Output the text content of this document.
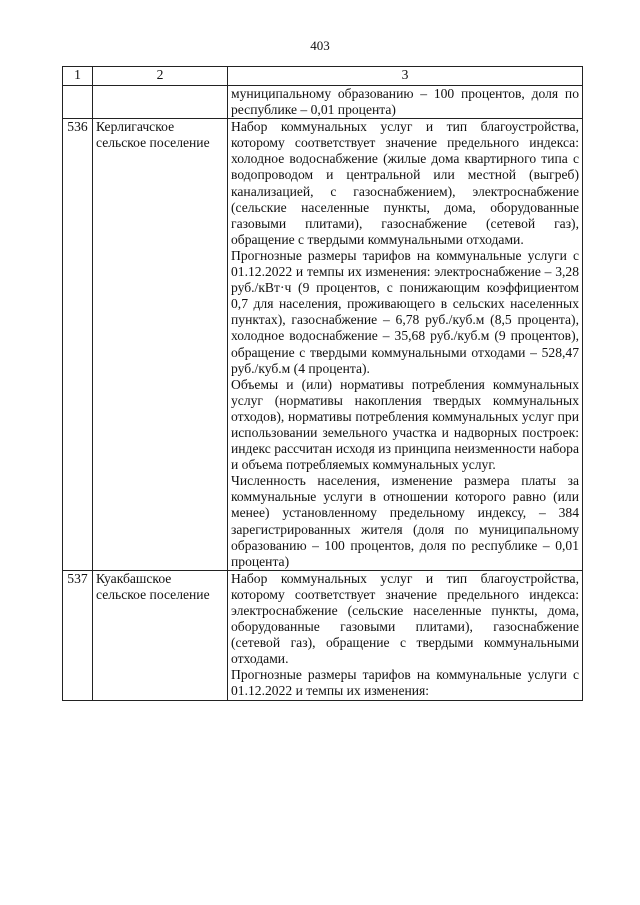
403
1	2	3
		муниципальному образованию – 100 процентов, доля по республике – 0,01 процента)
536	Керлигачское сельское поселение	Набор коммунальных услуг и тип благоустройства, которому соответствует значение предельного индекса: холодное водоснабжение (жилые дома квартирного типа с водопроводом и центральной или местной (выгреб) канализацией, с газоснабжением), электроснабжение (сельские населенные пункты, дома, оборудованные газовыми плитами), газоснабжение (сетевой газ), обращение с твердыми коммунальными отходами.
Прогнозные размеры тарифов на коммунальные услуги с 01.12.2022 и темпы их изменения: электроснабжение – 3,28 руб./кВт·ч (9 процентов, с понижающим коэффициентом 0,7 для населения, проживающего в сельских населенных пунктах), газоснабжение – 6,78 руб./куб.м (8,5 процента), холодное водоснабжение – 35,68 руб./куб.м (9 процентов), обращение с твердыми коммунальными отходами – 528,47 руб./куб.м (4 процента).
Объемы и (или) нормативы потребления коммунальных услуг (нормативы накопления твердых коммунальных отходов), нормативы потребления коммунальных услуг при использовании земельного участка и надворных построек: индекс рассчитан исходя из принципа неизменности набора и объема потребляемых коммунальных услуг.
Численность населения, изменение размера платы за коммунальные услуги в отношении которого равно (или менее) установленному предельному индексу, – 384 зарегистрированных жителя (доля по муниципальному образованию – 100 процентов, доля по республике – 0,01 процента)

537	Куакбашское сельское поселение	Набор коммунальных услуг и тип благоустройства, которому соответствует значение предельного индекса: электроснабжение (сельские населенные пункты, дома, оборудованные газовыми плитами), газоснабжение (сетевой газ), обращение с твердыми коммунальными отходами.
Прогнозные размеры тарифов на коммунальные услуги с 01.12.2022 и темпы их изменения:
